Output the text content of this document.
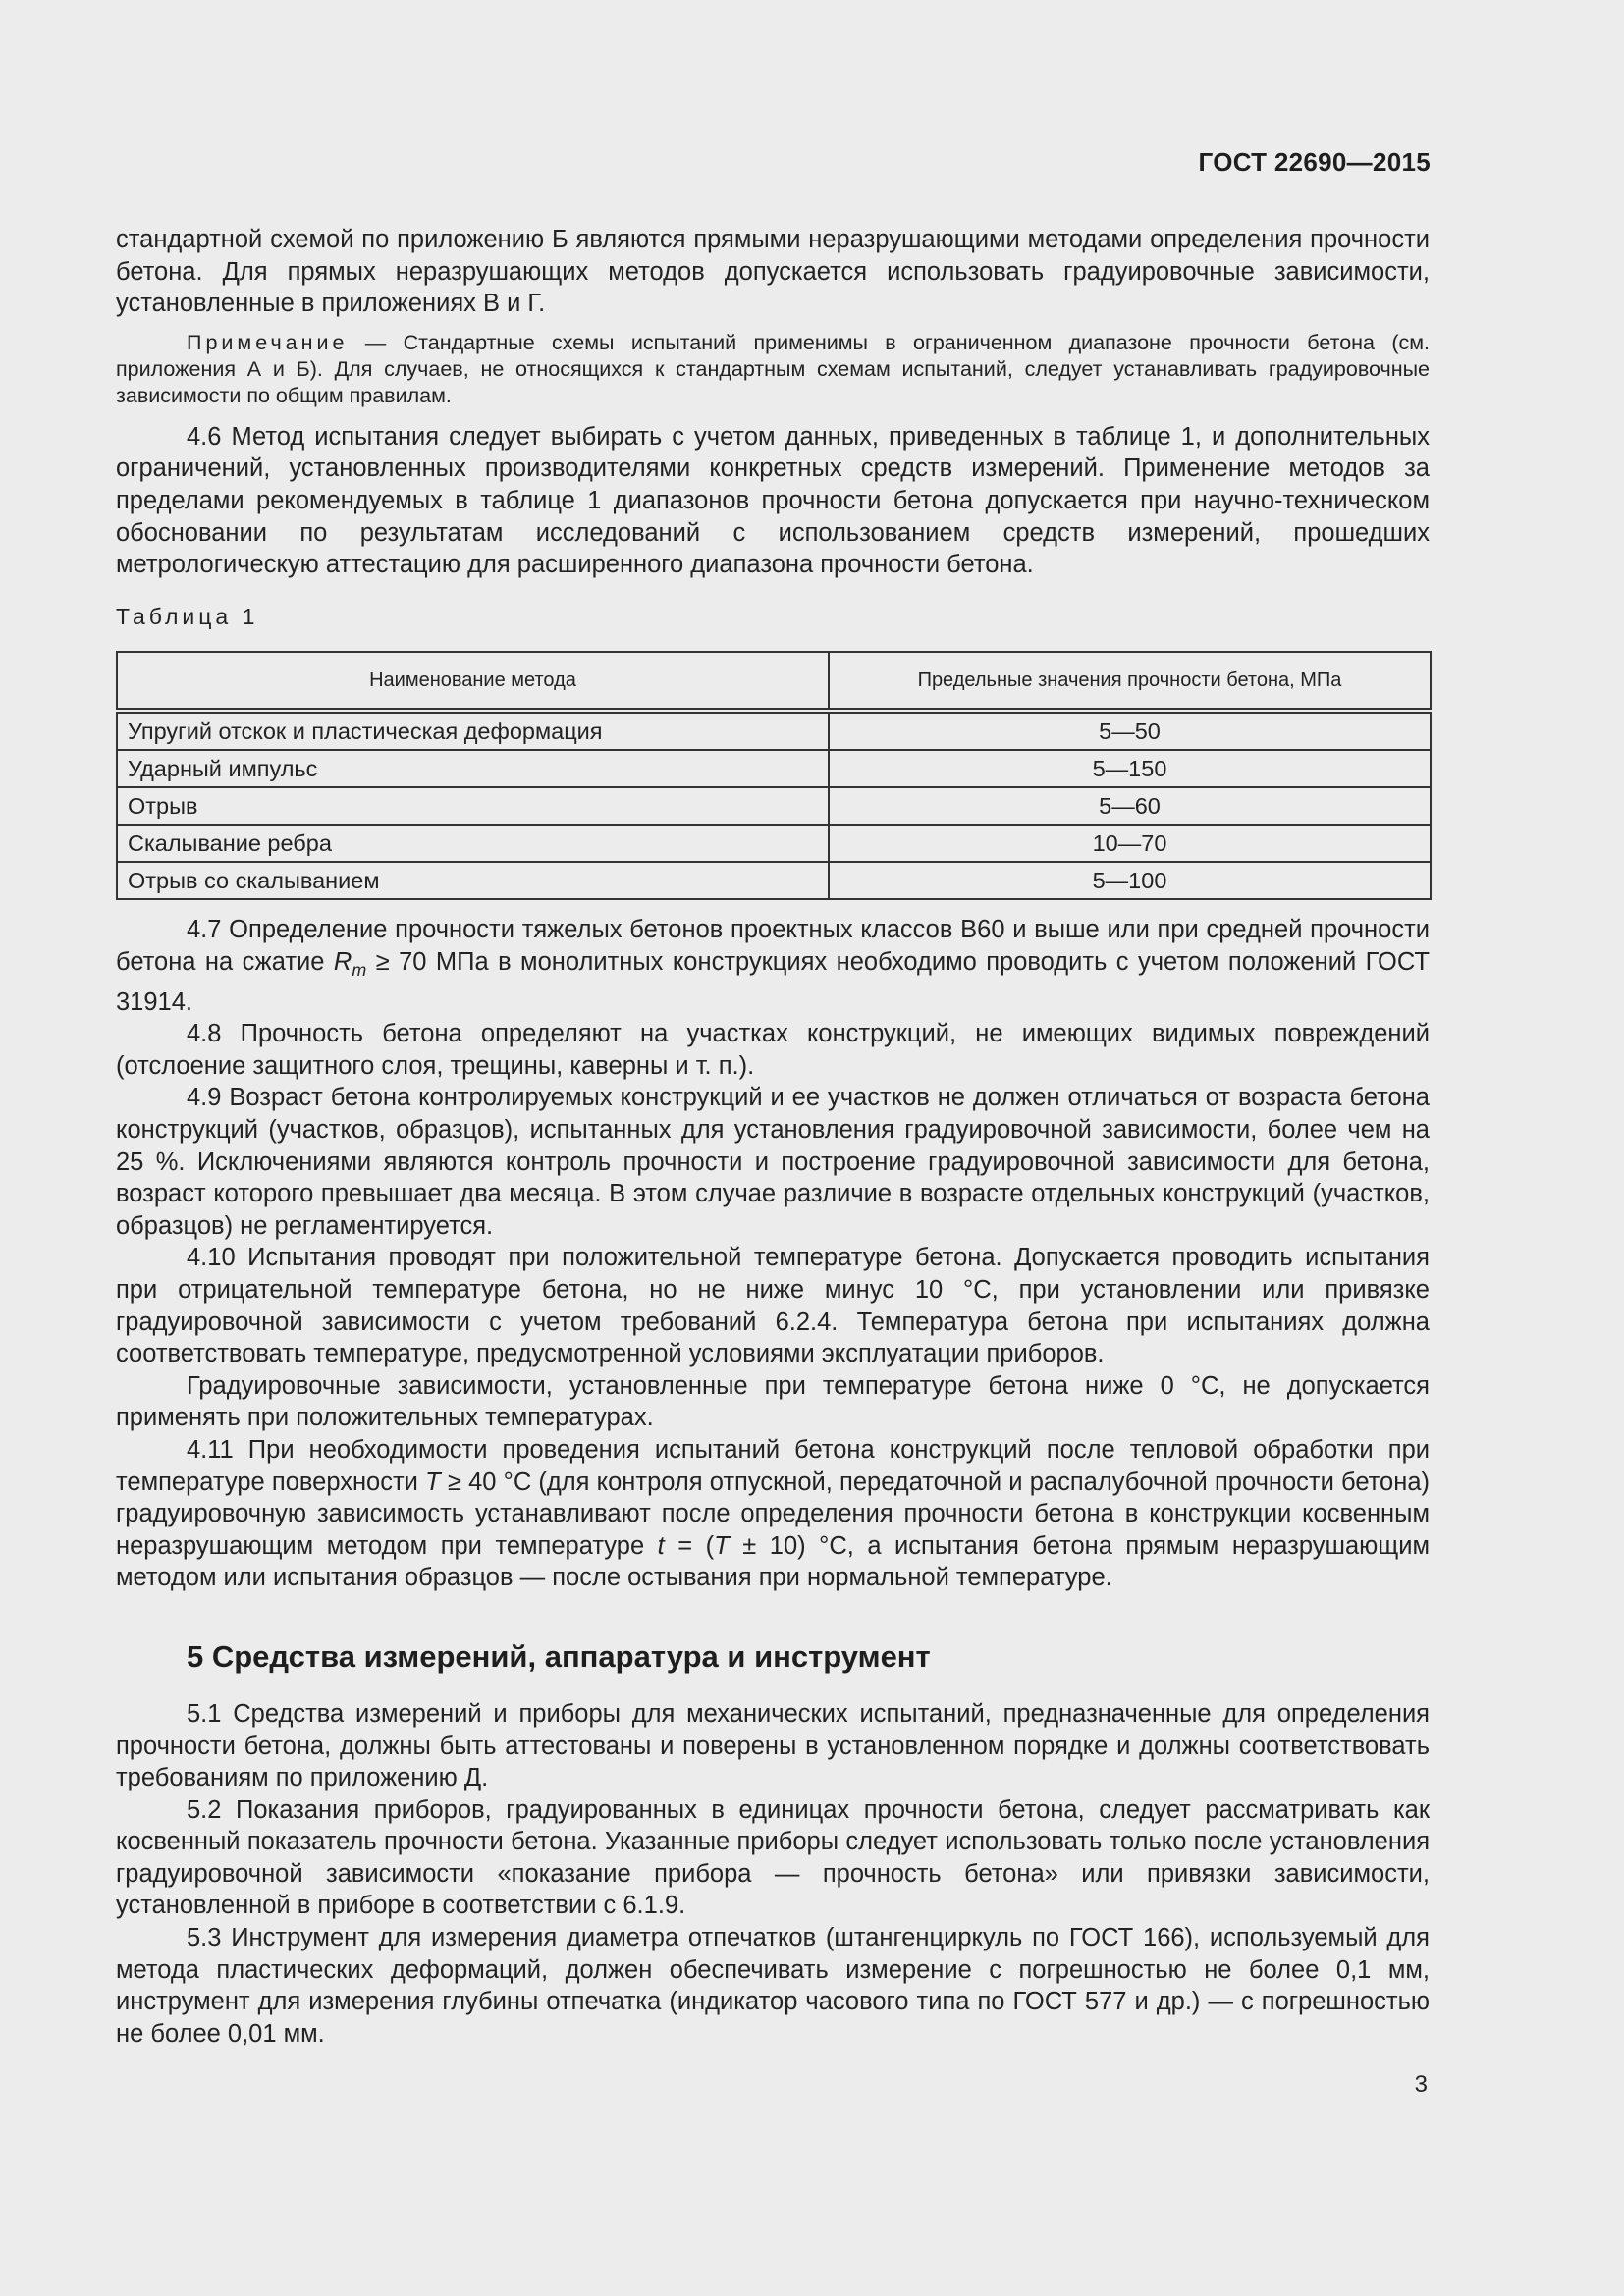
ГОСТ 22690—2015

стандартной схемой по приложению Б являются прямыми неразрушающими методами определения прочности бетона. Для прямых неразрушающих методов допускается использовать градуировочные зависимости, установленные в приложениях В и Г.

Примечание — Стандартные схемы испытаний применимы в ограниченном диапазоне прочности бетона (см. приложения А и Б). Для случаев, не относящихся к стандартным схемам испытаний, следует устанавливать градуировочные зависимости по общим правилам.

4.6 Метод испытания следует выбирать с учетом данных, приведенных в таблице 1, и дополнительных ограничений, установленных производителями конкретных средств измерений. Применение методов за пределами рекомендуемых в таблице 1 диапазонов прочности бетона допускается при научно-техническом обосновании по результатам исследований с использованием средств измерений, прошедших метрологическую аттестацию для расширенного диапазона прочности бетона.

Таблица 1

Наименование метода	Предельные значения прочности бетона, МПа
Упругий отскок и пластическая деформация	5—50
Ударный импульс	5—150
Отрыв	5—60
Скалывание ребра	10—70
Отрыв со скалыванием	5—100

4.7 Определение прочности тяжелых бетонов проектных классов В60 и выше или при средней прочности бетона на сжатие $R_m \ge 70$ МПа в монолитных конструкциях необходимо проводить с учетом положений ГОСТ 31914.

4.8 Прочность бетона определяют на участках конструкций, не имеющих видимых повреждений (отслоение защитного слоя, трещины, каверны и т. п.).

4.9 Возраст бетона контролируемых конструкций и ее участков не должен отличаться от возраста бетона конструкций (участков, образцов), испытанных для установления градуировочной зависимости, более чем на 25 %. Исключениями являются контроль прочности и построение градуировочной зависимости для бетона, возраст которого превышает два месяца. В этом случае различие в возрасте отдельных конструкций (участков, образцов) не регламентируется.

4.10 Испытания проводят при положительной температуре бетона. Допускается проводить испытания при отрицательной температуре бетона, но не ниже минус 10 °С, при установлении или привязке градуировочной зависимости с учетом требований 6.2.4. Температура бетона при испытаниях должна соответствовать температуре, предусмотренной условиями эксплуатации приборов.

Градуировочные зависимости, установленные при температуре бетона ниже 0 °С, не допускается применять при положительных температурах.

4.11 При необходимости проведения испытаний бетона конструкций после тепловой обработки при температуре поверхности T ≥ 40 °С (для контроля отпускной, передаточной и распалубочной прочности бетона) градуировочную зависимость устанавливают после определения прочности бетона в конструкции косвенным неразрушающим методом при температуре t = (T ± 10) °С, а испытания бетона прямым неразрушающим методом или испытания образцов — после остывания при нормальной температуре.

5 Средства измерений, аппаратура и инструмент

5.1 Средства измерений и приборы для механических испытаний, предназначенные для определения прочности бетона, должны быть аттестованы и поверены в установленном порядке и должны соответствовать требованиям по приложению Д.

5.2 Показания приборов, градуированных в единицах прочности бетона, следует рассматривать как косвенный показатель прочности бетона. Указанные приборы следует использовать только после установления градуировочной зависимости «показание прибора — прочность бетона» или привязки зависимости, установленной в приборе в соответствии с 6.1.9.

5.3 Инструмент для измерения диаметра отпечатков (штангенциркуль по ГОСТ 166), используемый для метода пластических деформаций, должен обеспечивать измерение с погрешностью не более 0,1 мм, инструмент для измерения глубины отпечатка (индикатор часового типа по ГОСТ 577 и др.) — с погрешностью не более 0,01 мм.

3
